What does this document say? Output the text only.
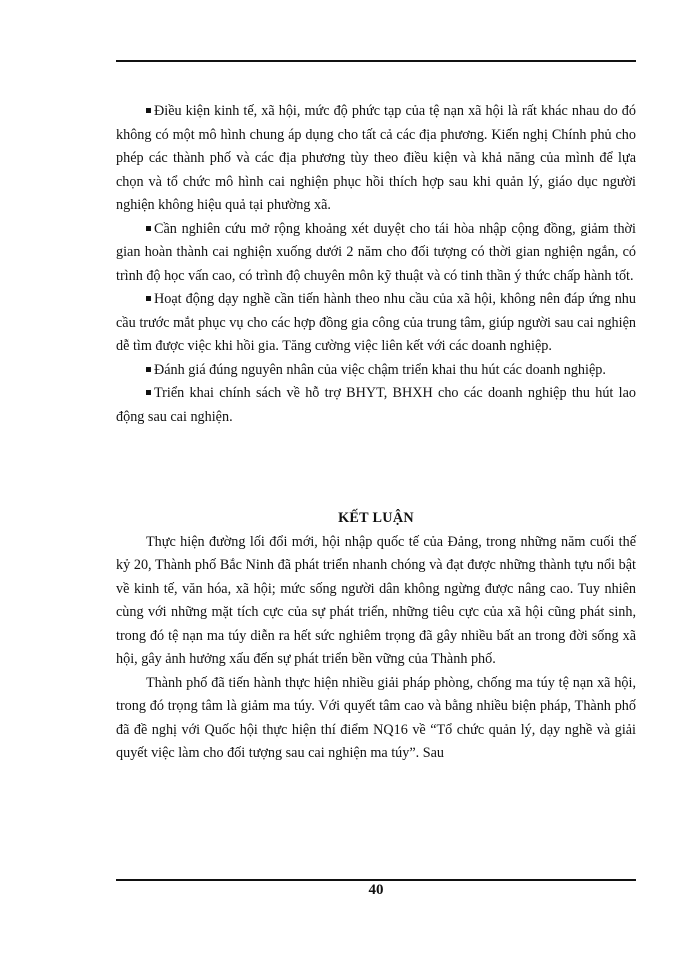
Điều kiện kinh tế, xã hội, mức độ phức tạp của tệ nạn xã hội là rất khác nhau do đó không có một mô hình chung áp dụng cho tất cả các địa phương. Kiến nghị Chính phủ cho phép các thành phố và các địa phương tùy theo điều kiện và khả năng của mình để lựa chọn và tổ chức mô hình cai nghiện phục hồi thích hợp sau khi quản lý, giáo dục người nghiện không hiệu quả tại phường xã.

Cần nghiên cứu mở rộng khoảng xét duyệt cho tái hòa nhập cộng đồng, giảm thời gian hoàn thành cai nghiện xuống dưới 2 năm cho đối tượng có thời gian nghiện ngắn, có trình độ học vấn cao, có trình độ chuyên môn kỹ thuật và có tinh thần ý thức chấp hành tốt.

Hoạt động dạy nghề cần tiến hành theo nhu cầu của xã hội, không nên đáp ứng nhu cầu trước mắt phục vụ cho các hợp đồng gia công của trung tâm, giúp người sau cai nghiện dễ tìm được việc khi hồi gia. Tăng cường việc liên kết với các doanh nghiệp.

Đánh giá đúng nguyên nhân của việc chậm triển khai thu hút các doanh nghiệp.

Triển khai chính sách về hỗ trợ BHYT, BHXH cho các doanh nghiệp thu hút lao động sau cai nghiện.

KẾT LUẬN

Thực hiện đường lối đổi mới, hội nhập quốc tế của Đảng, trong những năm cuối thế kỷ 20, Thành phố Bắc Ninh đã phát triển nhanh chóng và đạt được những thành tựu nổi bật về kinh tế, văn hóa, xã hội; mức sống người dân không ngừng được nâng cao. Tuy nhiên cùng với những mặt tích cực của sự phát triển, những tiêu cực của xã hội cũng phát sinh, trong đó tệ nạn ma túy diễn ra hết sức nghiêm trọng đã gây nhiều bất an trong đời sống xã hội, gây ảnh hưởng xấu đến sự phát triển bền vững của Thành phố.

Thành phố đã tiến hành thực hiện nhiều giải pháp phòng, chống ma túy tệ nạn xã hội, trong đó trọng tâm là giảm ma túy. Với quyết tâm cao và bằng nhiều biện pháp, Thành phố đã đề nghị với Quốc hội thực hiện thí điểm NQ16 về “Tổ chức quản lý, dạy nghề và giải quyết việc làm cho đối tượng sau cai nghiện ma túy”. Sau

40
